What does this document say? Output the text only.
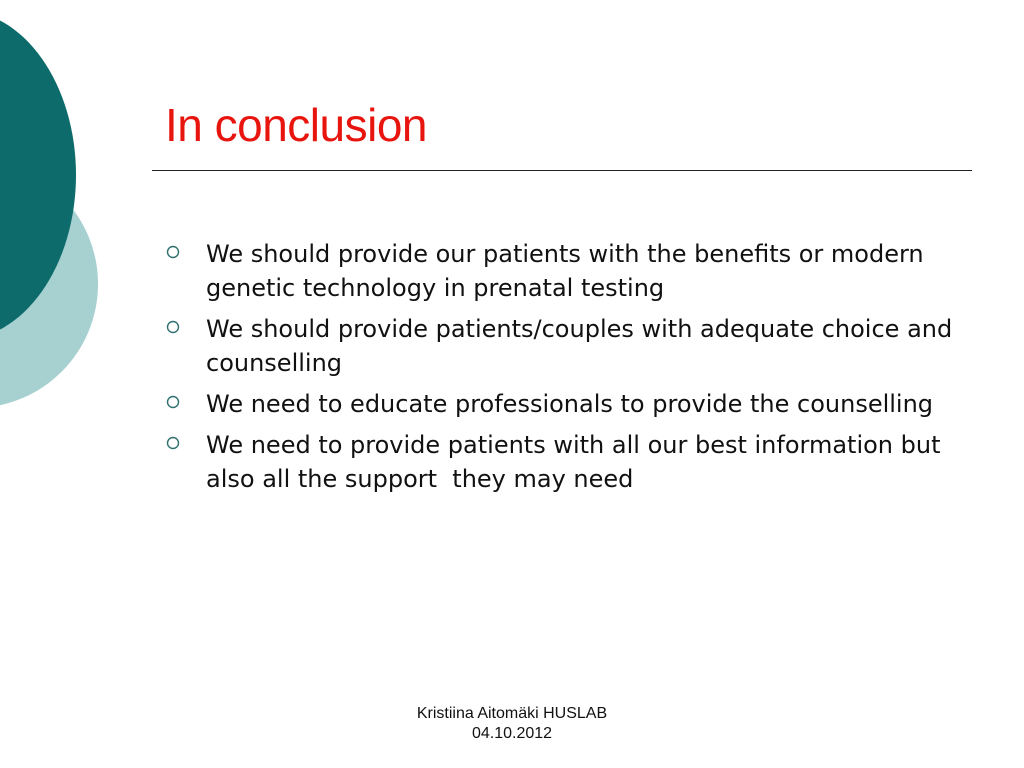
In conclusion
We should provide our patients with the benefits or modern genetic technology in prenatal testing
We should provide patients/couples with adequate choice and counselling
We need to educate professionals to provide the counselling
We need to provide patients with all our best information but also all the support  they may need
Kristiina Aitomäki HUSLAB
04.10.2012
